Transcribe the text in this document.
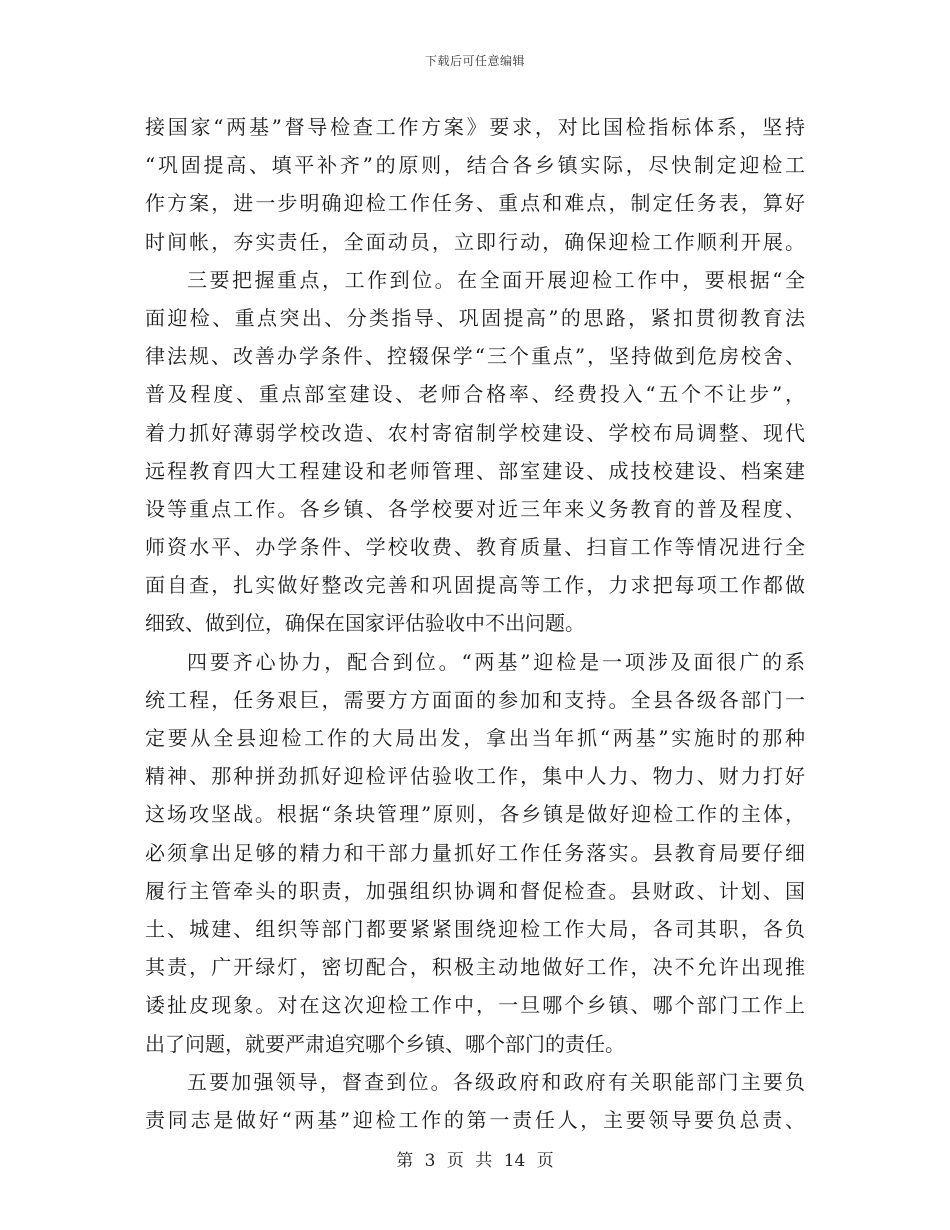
下载后可任意编辑
接国家“两基”督导检查工作方案》要求，对比国检指标体系，坚持
“巩固提高、填平补齐”的原则，结合各乡镇实际，尽快制定迎检工
作方案，进一步明确迎检工作任务、重点和难点，制定任务表，算好
时间帐，夯实责任，全面动员，立即行动，确保迎检工作顺利开展。
三要把握重点，工作到位。在全面开展迎检工作中，要根据“全
面迎检、重点突出、分类指导、巩固提高”的思路，紧扣贯彻教育法
律法规、改善办学条件、控辍保学“三个重点”，坚持做到危房校舍、
普及程度、重点部室建设、老师合格率、经费投入“五个不让步”，
着力抓好薄弱学校改造、农村寄宿制学校建设、学校布局调整、现代
远程教育四大工程建设和老师管理、部室建设、成技校建设、档案建
设等重点工作。各乡镇、各学校要对近三年来义务教育的普及程度、
师资水平、办学条件、学校收费、教育质量、扫盲工作等情况进行全
面自查，扎实做好整改完善和巩固提高等工作，力求把每项工作都做
细致、做到位，确保在国家评估验收中不出问题。
四要齐心协力，配合到位。“两基”迎检是一项涉及面很广的系
统工程，任务艰巨，需要方方面面的参加和支持。全县各级各部门一
定要从全县迎检工作的大局出发，拿出当年抓“两基”实施时的那种
精神、那种拼劲抓好迎检评估验收工作，集中人力、物力、财力打好
这场攻坚战。根据“条块管理”原则，各乡镇是做好迎检工作的主体，
必须拿出足够的精力和干部力量抓好工作任务落实。县教育局要仔细
履行主管牵头的职责，加强组织协调和督促检查。县财政、计划、国
土、城建、组织等部门都要紧紧围绕迎检工作大局，各司其职，各负
其责，广开绿灯，密切配合，积极主动地做好工作，决不允许出现推
诿扯皮现象。对在这次迎检工作中，一旦哪个乡镇、哪个部门工作上
出了问题，就要严肃追究哪个乡镇、哪个部门的责任。
五要加强领导，督查到位。各级政府和政府有关职能部门主要负
责同志是做好“两基”迎检工作的第一责任人，主要领导要负总责、
第 3 页 共 14 页
